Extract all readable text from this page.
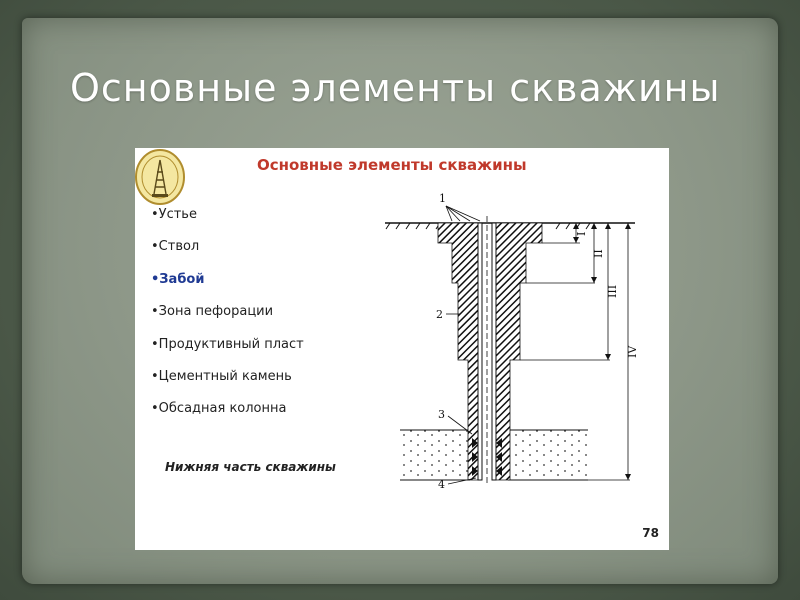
Основные элементы скважины
Основные элементы скважины
•Устье
•Ствол
•Забой
•Зона пефорации
•Продуктивный пласт
•Цементный камень
•Обсадная колонна
Нижняя часть скважины
78
1
2
3
4
I
II
III
IV
